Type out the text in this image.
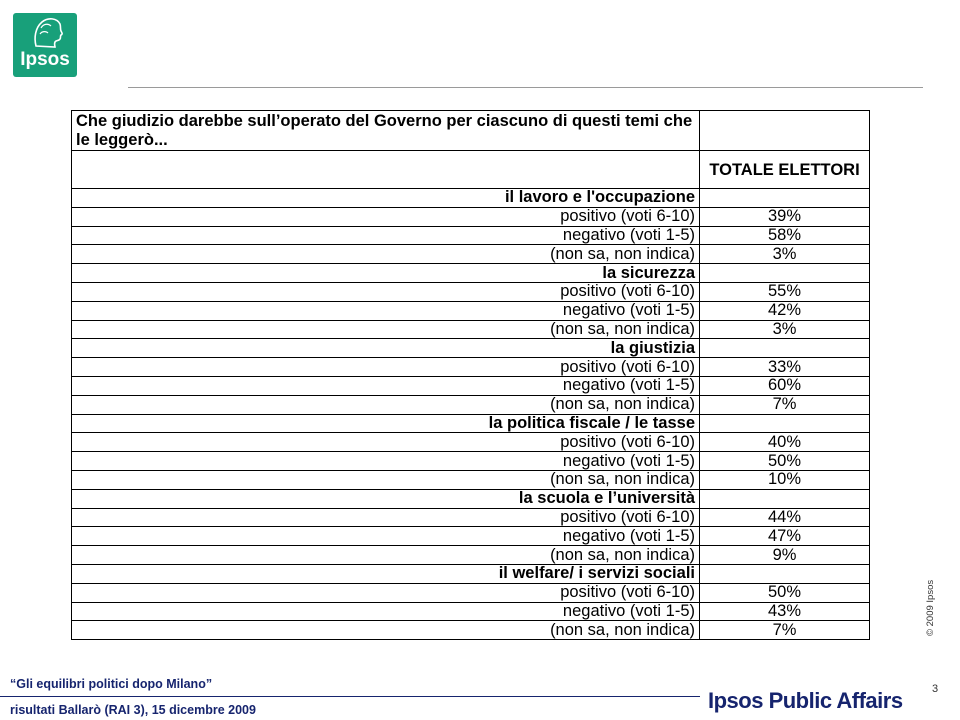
Ipsos
Che giudizio darebbe sull’operato del Governo per ciascuno di questi temi che le leggerò...	
	TOTALE ELETTORI
il lavoro e l'occupazione	
positivo (voti 6-10)	39%
negativo (voti 1-5)	58%
(non sa, non indica)	3%
la sicurezza	
positivo (voti 6-10)	55%
negativo (voti 1-5)	42%
(non sa, non indica)	3%
la giustizia	
positivo (voti 6-10)	33%
negativo (voti 1-5)	60%
(non sa, non indica)	7%
la politica fiscale / le tasse	
positivo (voti 6-10)	40%
negativo (voti 1-5)	50%
(non sa, non indica)	10%
la scuola e l’università	
positivo (voti 6-10)	44%
negativo (voti 1-5)	47%
(non sa, non indica)	9%
il welfare/ i servizi sociali	
positivo (voti 6-10)	50%
negativo (voti 1-5)	43%
(non sa, non indica)	7%	© 2009 Ipsos
“Gli equilibri politici dopo Milano”
risultati Ballarò (RAI 3), 15 dicembre 2009	Ipsos Public Affairs	3
